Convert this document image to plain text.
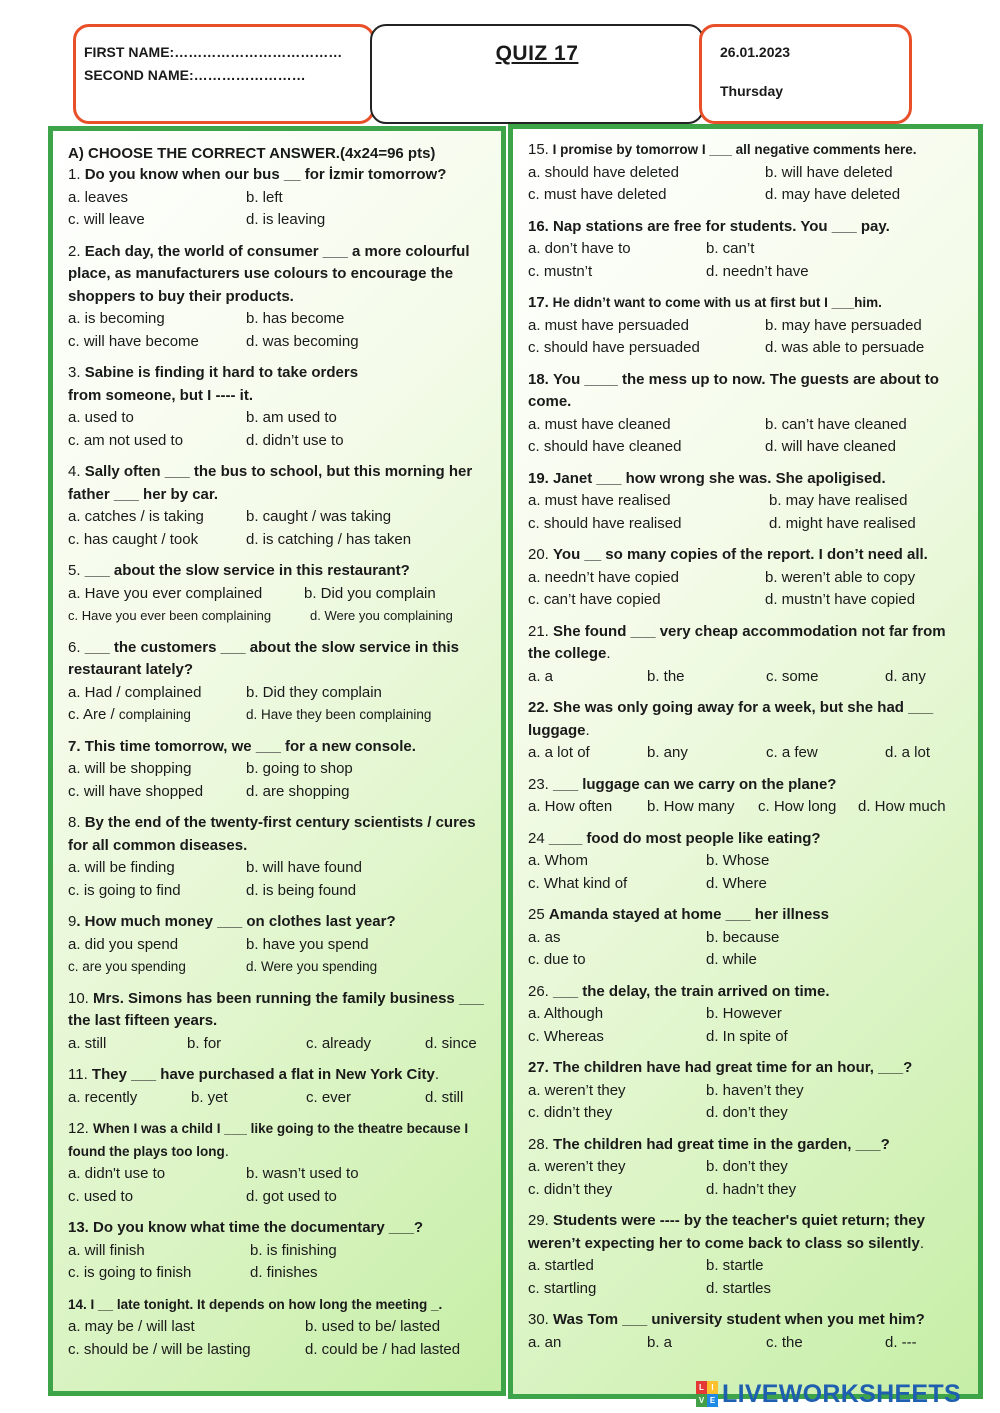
FIRST NAME:………………………………
SECOND NAME:……………………
QUIZ 17	26.01.2023
Thursday
A) CHOOSE THE CORRECT ANSWER.(4x24=96 pts)
1. Do you know when our bus __ for İzmir tomorrow?
a. leaves	b. left
c. will leave	d. is leaving
2. Each day, the world of consumer ___ a more colourful place, as manufacturers use colours to encourage the shoppers to buy their products.
a. is becoming	b. has become
c. will have become	d. was becoming
3. Sabine is finding it hard to take orders from someone, but I ---- it.
a. used to	b. am used to
c. am not used to	d. didn’t use to
4. Sally often ___ the bus to school, but this morning her father ___ her by car.
a. catches / is taking	b. caught / was taking
c. has caught / took	d. is catching / has taken
5. ___ about the slow service in this restaurant?
a. Have you ever complained	b. Did you complain
c. Have you ever been complaining	d. Were you complaining
6. ___ the customers ___ about the slow service in this restaurant lately?
a. Had / complained	b. Did they complain
c. Are / complaining	d. Have they been complaining
7. This time tomorrow, we ___ for a new console.
a. will be shopping	b. going to shop
c. will have shopped	d. are shopping
8. By the end of the twenty-first century scientists / cures for all common diseases.
a. will be finding	b. will have found
c. is going to find	d. is being found
9. How much money ___ on clothes last year?
a. did you spend	b. have you spend
c. are you spending	d. Were you spending
10. Mrs. Simons has been running the family business ___ the last fifteen years.
a. still	b. for	c. already	d. since
11. They ___ have purchased a flat in New York City.
a. recently	b. yet	c. ever	d. still
12. When I was a child I ___ like going to the theatre because I found the plays too long.
a. didn't use to	b. wasn’t used to
c. used to	d. got used to
13. Do you know what time the documentary ___?
a. will finish	b. is finishing
c. is going to finish	d. finishes
14. I __ late tonight. It depends on how long the meeting _.
a. may be / will last	b. used to be/ lasted
c. should be / will be lasting	d. could be / had lasted
15. I promise by tomorrow I ___ all negative comments here.
a. should have deleted	b. will have deleted
c. must have deleted	d. may have deleted
16. Nap stations are free for students. You ___ pay.
a. don’t have to	b. can’t
c. mustn’t	d. needn’t have
17. He didn’t want to come with us at first but I ___him.
a. must have persuaded	b. may have persuaded
c. should have persuaded	d. was able to persuade
18. You ____ the mess up to now. The guests are about to come.
a. must have cleaned	b. can’t have cleaned
c. should have cleaned	d. will have cleaned
19. Janet ___ how wrong she was. She apoligised.
a. must have realised	b. may have realised
c. should have realised	d. might have realised
20. You __ so many copies of the report. I don’t need all.
a. needn’t have copied	b. weren’t able to copy
c. can’t have copied	d. mustn’t have copied
21. She found ___ very cheap accommodation not far from the college.
a. a	b. the	c. some	d. any
22. She was only going away for a week, but she had ___ luggage.
a. a lot of	b. any	c. a few	d. a lot
23. ___ luggage can we carry on the plane?
a. How often	b. How many	c. How long	d. How much
24 ____ food do most people like eating?
a. Whom	b. Whose
c. What kind of	d. Where
25 Amanda stayed at home ___ her illness
a. as	b. because
c. due to	d. while
26. ___ the delay, the train arrived on time.
a. Although	b. However
c. Whereas	d. In spite of
27. The children have had great time for an hour, ___?
a. weren’t they	b. haven’t they
c. didn’t they	d. don’t they
28. The children had great time in the garden, ___?
a. weren’t they	b. don’t they
c. didn’t they	d. hadn’t they
29. Students were ---- by the teacher's quiet return; they weren’t expecting her to come back to class so silently.
a. startled	b. startle
c. startling	d. startles
30. Was Tom ___ university student when you met him?
a. an	b. a	c. the	d. ---
L I
V E LIVEWORKSHEETS
